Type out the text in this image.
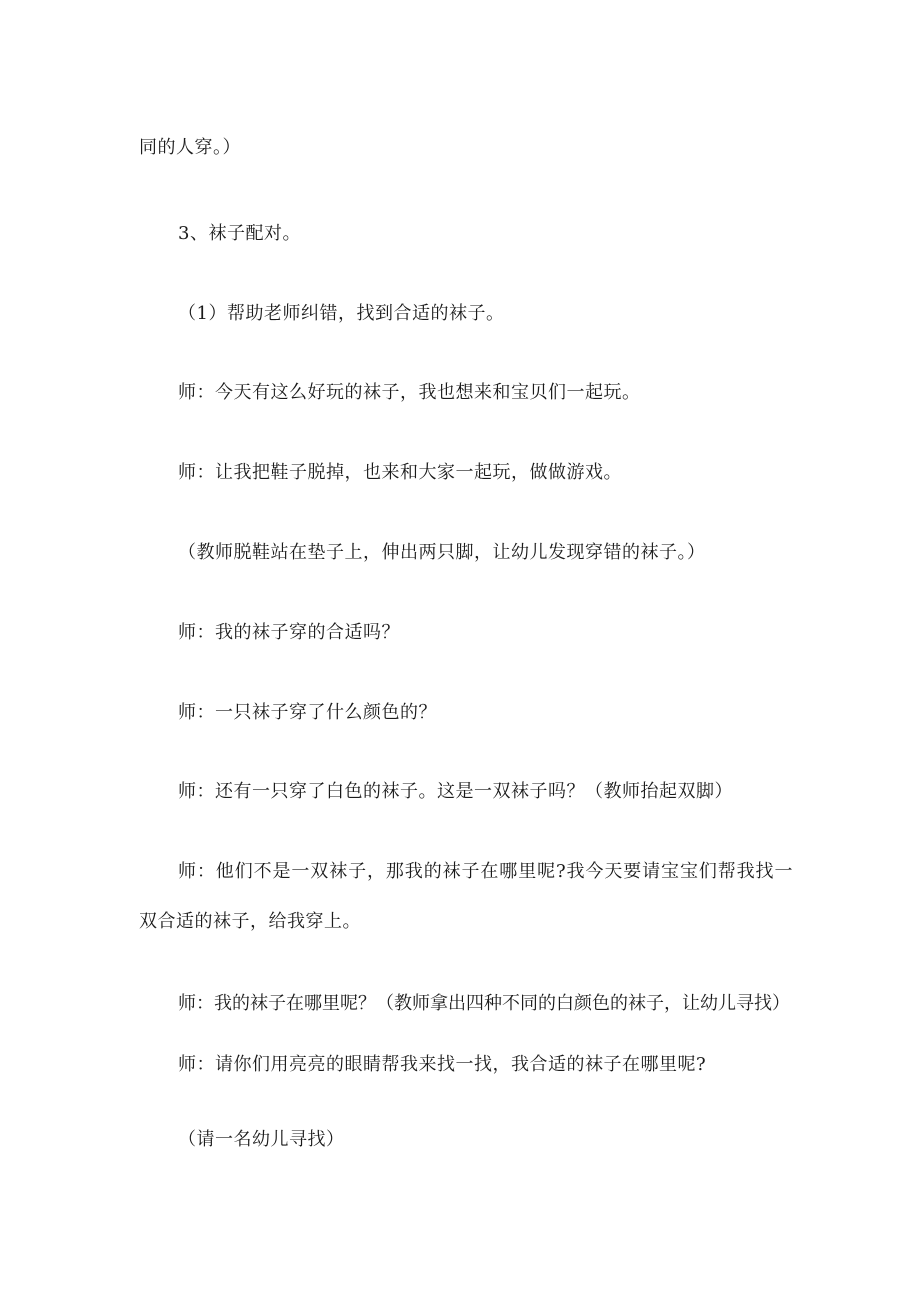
同的人穿。）
3、袜子配对。
（1）帮助老师纠错，找到合适的袜子。
师：今天有这么好玩的袜子，我也想来和宝贝们一起玩。
师：让我把鞋子脱掉，也来和大家一起玩，做做游戏。
（教师脱鞋站在垫子上，伸出两只脚，让幼儿发现穿错的袜子。）
师：我的袜子穿的合适吗？
师：一只袜子穿了什么颜色的？
师：还有一只穿了白色的袜子。这是一双袜子吗？（教师抬起双脚）
师：他们不是一双袜子，那我的袜子在哪里呢?我今天要请宝宝们帮我找一
双合适的袜子，给我穿上。
师：我的袜子在哪里呢？（教师拿出四种不同的白颜色的袜子，让幼儿寻找）
师：请你们用亮亮的眼睛帮我来找一找，我合适的袜子在哪里呢?
（请一名幼儿寻找）
